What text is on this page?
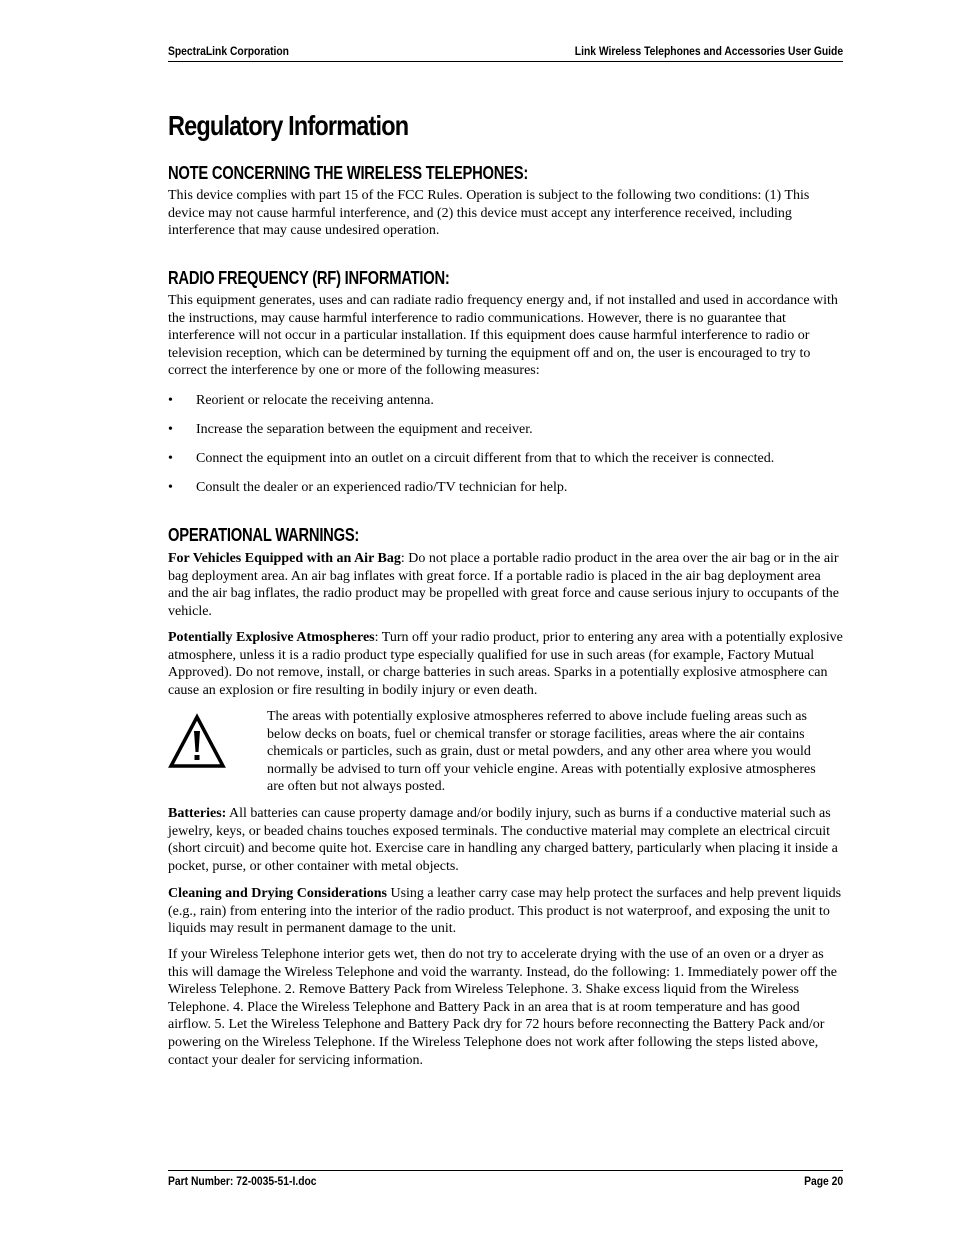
SpectraLink Corporation	Link Wireless Telephones and Accessories User Guide
Regulatory Information
NOTE CONCERNING THE WIRELESS TELEPHONES:

This device complies with part 15 of the FCC Rules. Operation is subject to the following two conditions: (1) This device may not cause harmful interference, and (2) this device must accept any interference received, including interference that may cause undesired operation.

RADIO FREQUENCY (RF) INFORMATION:

This equipment generates, uses and can radiate radio frequency energy and, if not installed and used in accordance with the instructions, may cause harmful interference to radio communications. However, there is no guarantee that interference will not occur in a particular installation. If this equipment does cause harmful interference to radio or television reception, which can be determined by turning the equipment off and on, the user is encouraged to try to correct the interference by one or more of the following measures:

• Reorient or relocate the receiving antenna.
• Increase the separation between the equipment and receiver.
• Connect the equipment into an outlet on a circuit different from that to which the receiver is connected.
• Consult the dealer or an experienced radio/TV technician for help.
OPERATIONAL WARNINGS:

For Vehicles Equipped with an Air Bag: Do not place a portable radio product in the area over the air bag or in the air bag deployment area. An air bag inflates with great force. If a portable radio is placed in the air bag deployment area and the air bag inflates, the radio product may be propelled with great force and cause serious injury to occupants of the vehicle.

Potentially Explosive Atmospheres: Turn off your radio product, prior to entering any area with a potentially explosive atmosphere, unless it is a radio product type especially qualified for use in such areas (for example, Factory Mutual Approved). Do not remove, install, or charge batteries in such areas. Sparks in a potentially explosive atmosphere can cause an explosion or fire resulting in bodily injury or even death.

The areas with potentially explosive atmospheres referred to above include fueling areas such as below decks on boats, fuel or chemical transfer or storage facilities, areas where the air contains chemicals or particles, such as grain, dust or metal powders, and any other area where you would normally be advised to turn off your vehicle engine. Areas with potentially explosive atmospheres are often but not always posted.

Batteries: All batteries can cause property damage and/or bodily injury, such as burns if a conductive material such as jewelry, keys, or beaded chains touches exposed terminals. The conductive material may complete an electrical circuit (short circuit) and become quite hot. Exercise care in handling any charged battery, particularly when placing it inside a pocket, purse, or other container with metal objects.

Cleaning and Drying Considerations Using a leather carry case may help protect the surfaces and help prevent liquids (e.g., rain) from entering into the interior of the radio product. This product is not waterproof, and exposing the unit to liquids may result in permanent damage to the unit.

If your Wireless Telephone interior gets wet, then do not try to accelerate drying with the use of an oven or a dryer as this will damage the Wireless Telephone and void the warranty. Instead, do the following: 1. Immediately power off the Wireless Telephone. 2. Remove Battery Pack from Wireless Telephone. 3. Shake excess liquid from the Wireless Telephone. 4. Place the Wireless Telephone and Battery Pack in an area that is at room temperature and has good airflow. 5. Let the Wireless Telephone and Battery Pack dry for 72 hours before reconnecting the Battery Pack and/or powering on the Wireless Telephone. If the Wireless Telephone does not work after following the steps listed above, contact your dealer for servicing information.

Part Number: 72-0035-51-I.doc	Page 20
